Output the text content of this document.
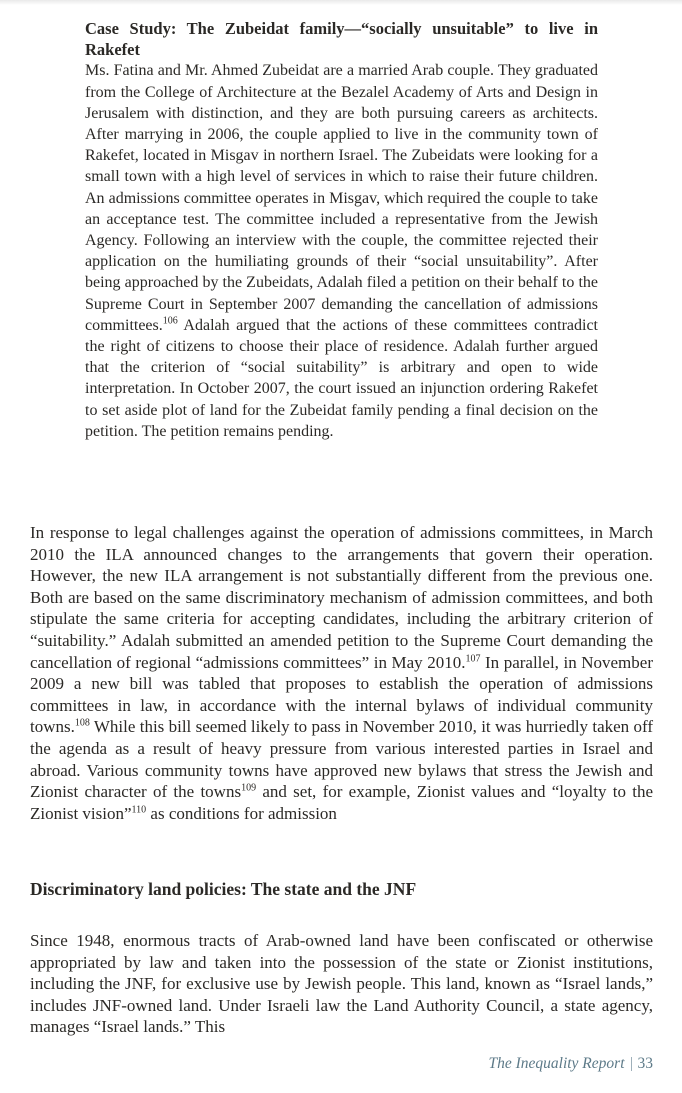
Case Study: The Zubeidat family—“socially unsuitable” to live in Rakefet

Ms. Fatina and Mr. Ahmed Zubeidat are a married Arab couple. They graduated from the College of Architecture at the Bezalel Academy of Arts and Design in Jerusalem with distinction, and they are both pursuing careers as architects. After marrying in 2006, the couple applied to live in the community town of Rakefet, located in Misgav in northern Israel. The Zubeidats were looking for a small town with a high level of services in which to raise their future children. An admissions committee operates in Misgav, which required the couple to take an acceptance test. The committee included a representative from the Jewish Agency. Following an interview with the couple, the committee rejected their application on the humiliating grounds of their “social unsuitability”. After being approached by the Zubeidats, Adalah filed a petition on their behalf to the Supreme Court in September 2007 demanding the cancellation of admissions committees.$^{106}$ Adalah argued that the actions of these committees contradict the right of citizens to choose their place of residence. Adalah further argued that the criterion of “social suitability” is arbitrary and open to wide interpretation. In October 2007, the court issued an injunction ordering Rakefet to set aside plot of land for the Zubeidat family pending a final decision on the petition. The petition remains pending.

In response to legal challenges against the operation of admissions committees, in March 2010 the ILA announced changes to the arrangements that govern their operation. However, the new ILA arrangement is not substantially different from the previous one. Both are based on the same discriminatory mechanism of admission committees, and both stipulate the same criteria for accepting candidates, including the arbitrary criterion of “suitability.” Adalah submitted an amended petition to the Supreme Court demanding the cancellation of regional “admissions committees” in May 2010.$^{107}$ In parallel, in November 2009 a new bill was tabled that proposes to establish the operation of admissions committees in law, in accordance with the internal bylaws of individual community towns.$^{108}$ While this bill seemed likely to pass in November 2010, it was hurriedly taken off the agenda as a result of heavy pressure from various interested parties in Israel and abroad. Various community towns have approved new bylaws that stress the Jewish and Zionist character of the towns$^{109}$ and set, for example, Zionist values and “loyalty to the Zionist vision”$^{110}$ as conditions for admission

Discriminatory land policies: The state and the JNF

Since 1948, enormous tracts of Arab-owned land have been confiscated or otherwise appropriated by law and taken into the possession of the state or Zionist institutions, including the JNF, for exclusive use by Jewish people. This land, known as “Israel lands,” includes JNF-owned land. Under Israeli law the Land Authority Council, a state agency, manages “Israel lands.” This

The Inequality Report 33
